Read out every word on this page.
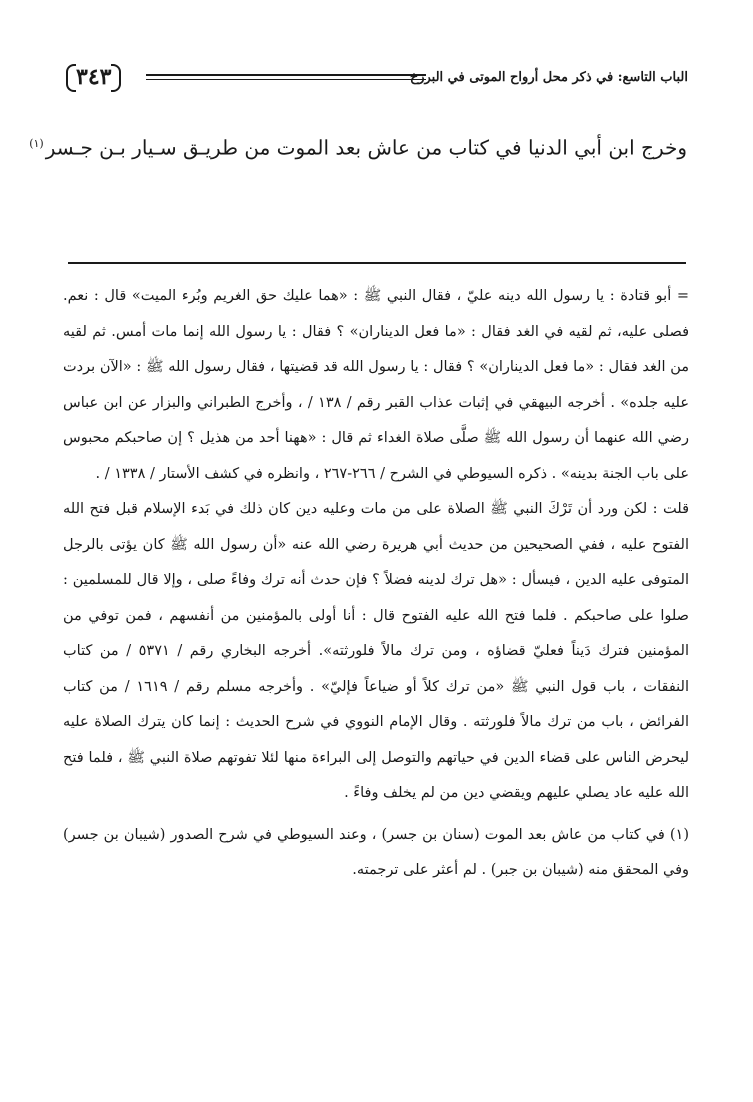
الباب التاسع: في ذكر محل أرواح الموتى في البرزخ
٣٤٣
وخرج ابن أبي الدنيا في كتاب من عاش بعد الموت من طريـق سـيار بـن جـسر$^{(١)}$

= أبو قتادة : يا رسول الله دينه عليّ ، فقال النبي ﷺ : «هما عليك حق الغريم وبُرء الميت» قال : نعم. فصلى عليه، ثم لقيه في الغد فقال : «ما فعل الديناران» ؟ فقال : يا رسول الله إنما مات أمس. ثم لقيه من الغد فقال : «ما فعل الديناران» ؟ فقال : يا رسول الله قد قضيتها ، فقال رسول الله ﷺ : «الآن بردت عليه جلده» . أخرجه البيهقي في إثبات عذاب القبر رقم / ١٣٨ / ، وأخرج الطبراني والبزار عن ابن عباس رضي الله عنهما أن رسول الله ﷺ صلَّى صلاة الغداء ثم قال : «ههنا أحد من هذيل ؟ إن صاحبكم محبوس على باب الجنة بدينه» . ذكره السيوطي في الشرح / ٢٦٦-٢٦٧ ، وانظره في كشف الأستار / ١٣٣٨ / .

قلت : لكن ورد أن تَرْكَ النبي ﷺ الصلاة على من مات وعليه دين كان ذلك في بَدء الإسلام قبل فتح الله الفتوح عليه ، ففي الصحيحين من حديث أبي هريرة رضي الله عنه «أن رسول الله ﷺ كان يؤتى بالرجل المتوفى عليه الدين ، فيسأل : «هل ترك لدينه فضلاً ؟ فإن حدث أنه ترك وفاءً صلى ، وإلا قال للمسلمين : صلوا على صاحبكم . فلما فتح الله عليه الفتوح قال : أنا أولى بالمؤمنين من أنفسهم ، فمن توفي من المؤمنين فترك دَيناً فعليّ قضاؤه ، ومن ترك مالاً فلورثته». أخرجه البخاري رقم / ٥٣٧١ / من كتاب النفقات ، باب قول النبي ﷺ «من ترك كلاً أو ضياعاً فإليّ» . وأخرجه مسلم رقم / ١٦١٩ / من كتاب الفرائض ، باب من ترك مالاً فلورثته . وقال الإمام النووي في شرح الحديث : إنما كان يترك الصلاة عليه ليحرض الناس على قضاء الدين في حياتهم والتوصل إلى البراءة منها لئلا تفوتهم صلاة النبي ﷺ ، فلما فتح الله عليه عاد يصلي عليهم ويقضي دين من لم يخلف وفاءً .

(١) في كتاب من عاش بعد الموت (سنان بن جسر) ، وعند السيوطي في شرح الصدور (شيبان بن جسر) وفي المحقق منه (شيبان بن جبر) . لم أعثر على ترجمته.
